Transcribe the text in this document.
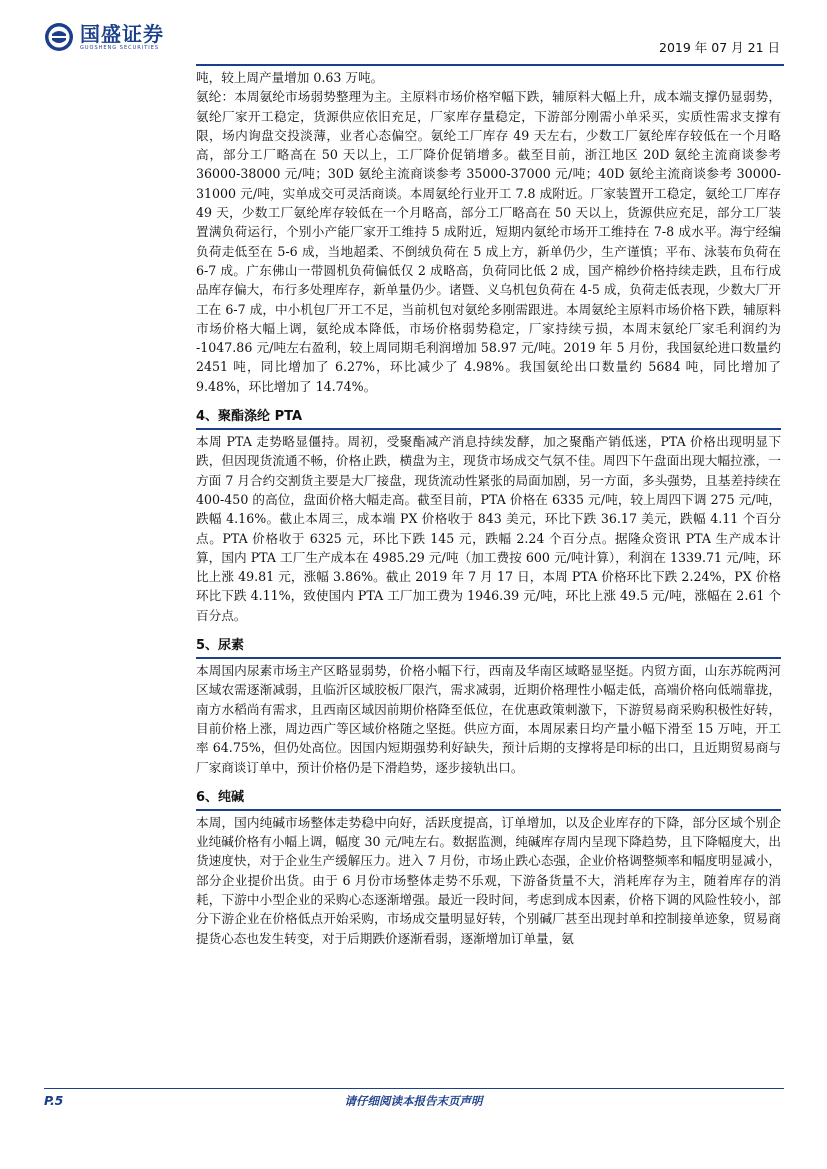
国盛证券
GUOSHENG SECURITIES	2019 年 07 月 21 日

吨，较上周产量增加 0.63 万吨。

氨纶：本周氨纶市场弱势整理为主。主原料市场价格窄幅下跌，辅原料大幅上升，成本端支撑仍显弱势，氨纶厂家开工稳定，货源供应依旧充足，厂家库存量稳定，下游部分刚需小单采买，实质性需求支撑有限，场内询盘交投淡薄，业者心态偏空。氨纶工厂库存 49 天左右，少数工厂氨纶库存较低在一个月略高，部分工厂略高在 50 天以上，工厂降价促销增多。截至目前，浙江地区 20D 氨纶主流商谈参考 36000-38000 元/吨；30D 氨纶主流商谈参考 35000-37000 元/吨；40D 氨纶主流商谈参考 30000-31000 元/吨，实单成交可灵活商谈。本周氨纶行业开工 7.8 成附近。厂家装置开工稳定，氨纶工厂库存 49 天，少数工厂氨纶库存较低在一个月略高，部分工厂略高在 50 天以上，货源供应充足，部分工厂装置满负荷运行，个别小产能厂家开工维持 5 成附近，短期内氨纶市场开工维持在 7-8 成水平。海宁经编负荷走低至在 5-6 成，当地超柔、不倒绒负荷在 5 成上方，新单仍少，生产谨慎；平布、泳装布负荷在 6-7 成。广东佛山一带圆机负荷偏低仅 2 成略高，负荷同比低 2 成，国产棉纱价格持续走跌，且布行成品库存偏大，布行多处理库存，新单量仍少。诸暨、义乌机包负荷在 4-5 成，负荷走低表现，少数大厂开工在 6-7 成，中小机包厂开工不足，当前机包对氨纶多刚需跟进。本周氨纶主原料市场价格下跌，辅原料市场价格大幅上调，氨纶成本降低，市场价格弱势稳定，厂家持续亏损，本周末氨纶厂家毛利润约为 -1047.86 元/吨左右盈利，较上周同期毛利润增加 58.97 元/吨。2019 年 5 月份，我国氨纶进口数量约 2451 吨，同比增加了 6.27%，环比减少了 4.98%。我国氨纶出口数量约 5684 吨，同比增加了 9.48%，环比增加了 14.74%。

4、聚酯涤纶 PTA

本周 PTA 走势略显僵持。周初，受聚酯减产消息持续发酵，加之聚酯产销低迷，PTA 价格出现明显下跌，但因现货流通不畅，价格止跌，横盘为主，现货市场成交气氛不佳。周四下午盘面出现大幅拉涨，一方面 7 月合约交割货主要是大厂接盘，现货流动性紧张的局面加剧，另一方面，多头强势，且基差持续在 400-450 的高位，盘面价格大幅走高。截至目前，PTA 价格在 6335 元/吨，较上周四下调 275 元/吨，跌幅 4.16%。截止本周三，成本端 PX 价格收于 843 美元，环比下跌 36.17 美元，跌幅 4.11 个百分点。PTA 价格收于 6325 元，环比下跌 145 元，跌幅 2.24 个百分点。据隆众资讯 PTA 生产成本计算，国内 PTA 工厂生产成本在 4985.29 元/吨（加工费按 600 元/吨计算），利润在 1339.71 元/吨，环比上涨 49.81 元，涨幅 3.86%。截止 2019 年 7 月 17 日，本周 PTA 价格环比下跌 2.24%，PX 价格环比下跌 4.11%，致使国内 PTA 工厂加工费为 1946.39 元/吨，环比上涨 49.5 元/吨，涨幅在 2.61 个百分点。

5、尿素

本周国内尿素市场主产区略显弱势，价格小幅下行，西南及华南区域略显坚挺。内贸方面，山东苏皖两河区域农需逐渐减弱，且临沂区域胶板厂限汽，需求减弱，近期价格理性小幅走低，高端价格向低端靠拢，南方水稻尚有需求，且西南区域因前期价格降至低位，在优惠政策刺激下，下游贸易商采购积极性好转，目前价格上涨，周边西广等区域价格随之坚挺。供应方面，本周尿素日均产量小幅下滑至 15 万吨，开工率 64.75%，但仍处高位。因国内短期强势利好缺失，预计后期的支撑将是印标的出口，且近期贸易商与厂家商谈订单中，预计价格仍是下滑趋势，逐步接轨出口。

6、纯碱

本周，国内纯碱市场整体走势稳中向好，活跃度提高，订单增加，以及企业库存的下降，部分区域个别企业纯碱价格有小幅上调，幅度 30 元/吨左右。数据监测，纯碱库存周内呈现下降趋势，且下降幅度大，出货速度快，对于企业生产缓解压力。进入 7 月份，市场止跌心态强，企业价格调整频率和幅度明显减小，部分企业提价出货。由于 6 月份市场整体走势不乐观，下游备货量不大，消耗库存为主，随着库存的消耗，下游中小型企业的采购心态逐渐增强。最近一段时间，考虑到成本因素，价格下调的风险性较小，部分下游企业在价格低点开始采购，市场成交量明显好转，个别碱厂甚至出现封单和控制接单迹象，贸易商提货心态也发生转变，对于后期跌价逐渐看弱，逐渐增加订单量，氨

P.5	请仔细阅读本报告末页声明
